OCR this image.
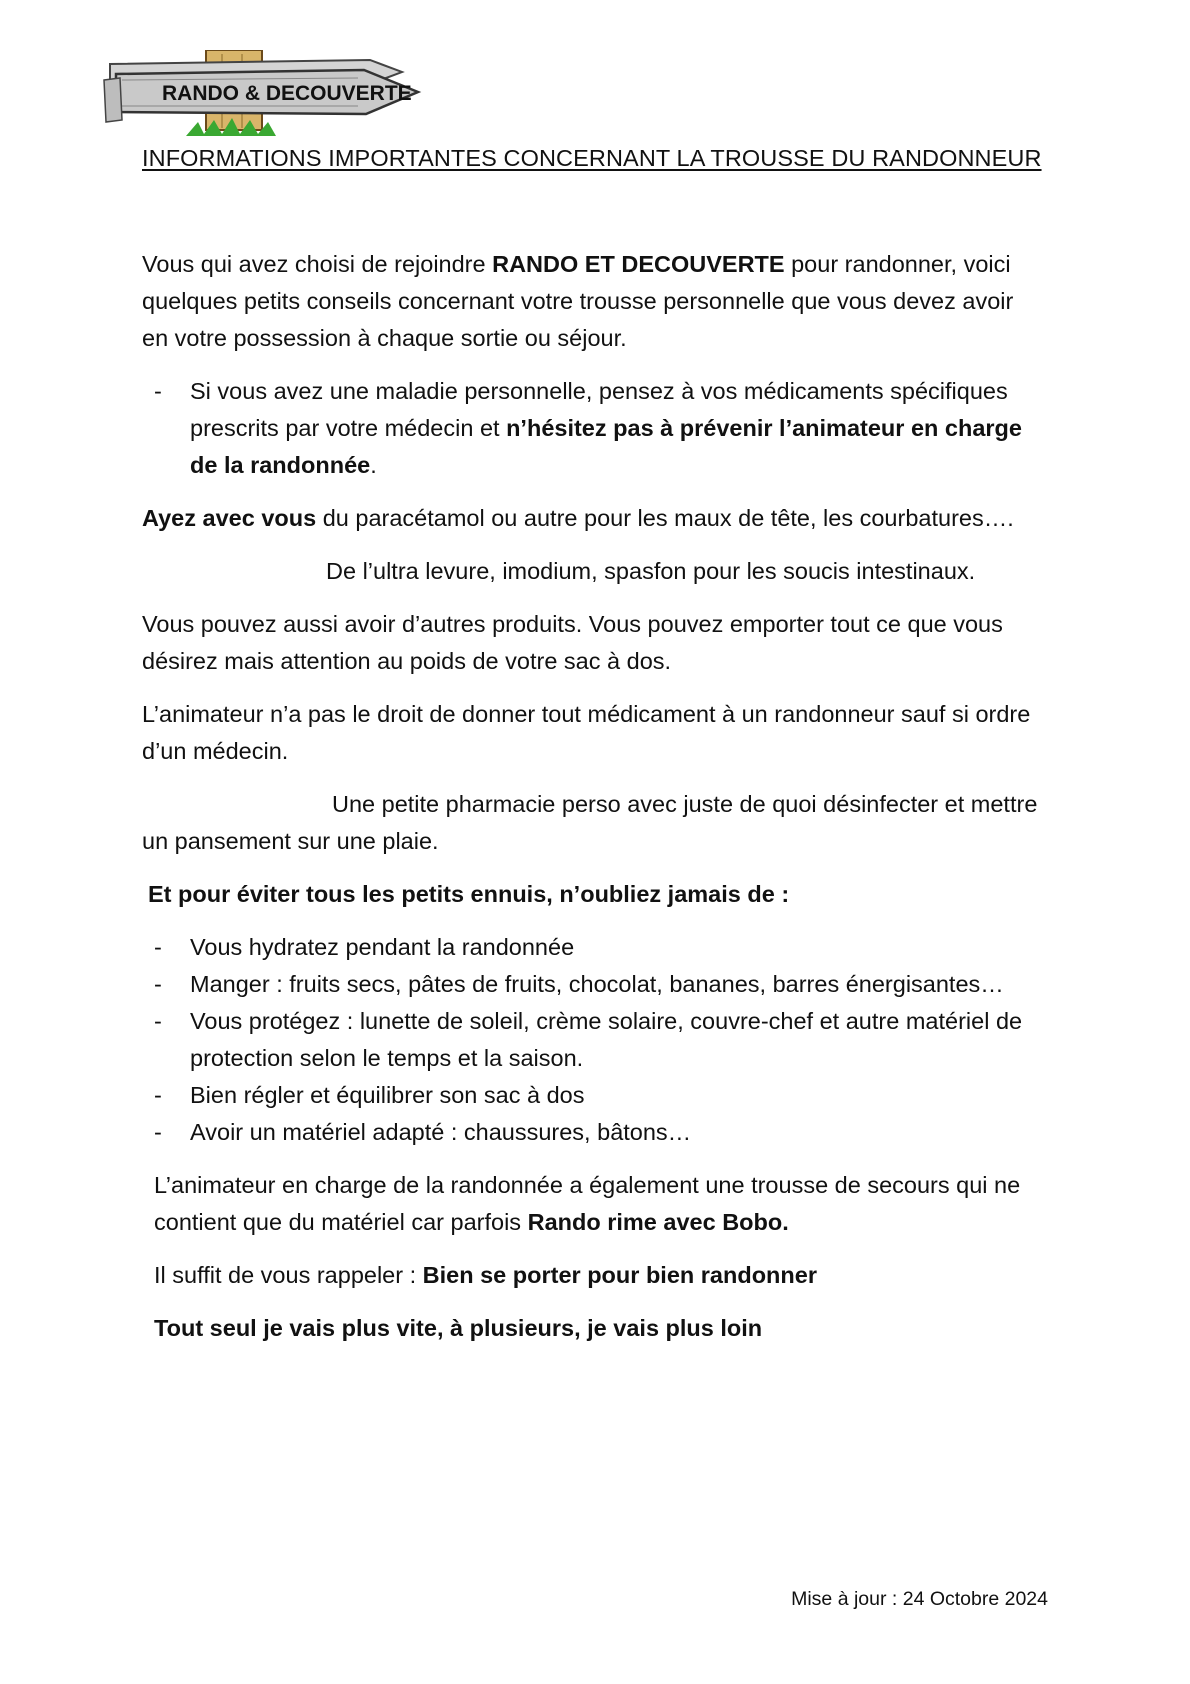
RANDO & DECOUVERTE
INFORMATIONS IMPORTANTES CONCERNANT LA TROUSSE DU RANDONNEUR

Vous qui avez choisi de rejoindre RANDO ET DECOUVERTE pour randonner, voici quelques petits conseils concernant votre trousse personnelle que vous devez avoir en votre possession à chaque sortie ou séjour.

- Si vous avez une maladie personnelle, pensez à vos médicaments spécifiques prescrits par votre médecin et n’hésitez pas à prévenir l’animateur en charge de la randonnée.

Ayez avec vous du paracétamol ou autre pour les maux de tête, les courbatures….

De l’ultra levure, imodium, spasfon pour les soucis intestinaux.

Vous pouvez aussi avoir d’autres produits. Vous pouvez emporter tout ce que vous désirez mais attention au poids de votre sac à dos.

L’animateur n’a pas le droit de donner tout médicament à un randonneur sauf si ordre d’un médecin.

Une petite pharmacie perso avec juste de quoi désinfecter et mettre un pansement sur une plaie.

Et pour éviter tous les petits ennuis, n’oubliez jamais de :

- Vous hydratez pendant la randonnée
- Manger : fruits secs, pâtes de fruits, chocolat, bananes, barres énergisantes…
- Vous protégez : lunette de soleil, crème solaire, couvre-chef et autre matériel de protection selon le temps et la saison.
- Bien régler et équilibrer son sac à dos
- Avoir un matériel adapté : chaussures, bâtons…

L’animateur en charge de la randonnée a également une trousse de secours qui ne contient que du matériel car parfois Rando rime avec Bobo.

Il suffit de vous rappeler : Bien se porter pour bien randonner

Tout seul je vais plus vite, à plusieurs, je vais plus loin

Mise à jour : 24 Octobre 2024
